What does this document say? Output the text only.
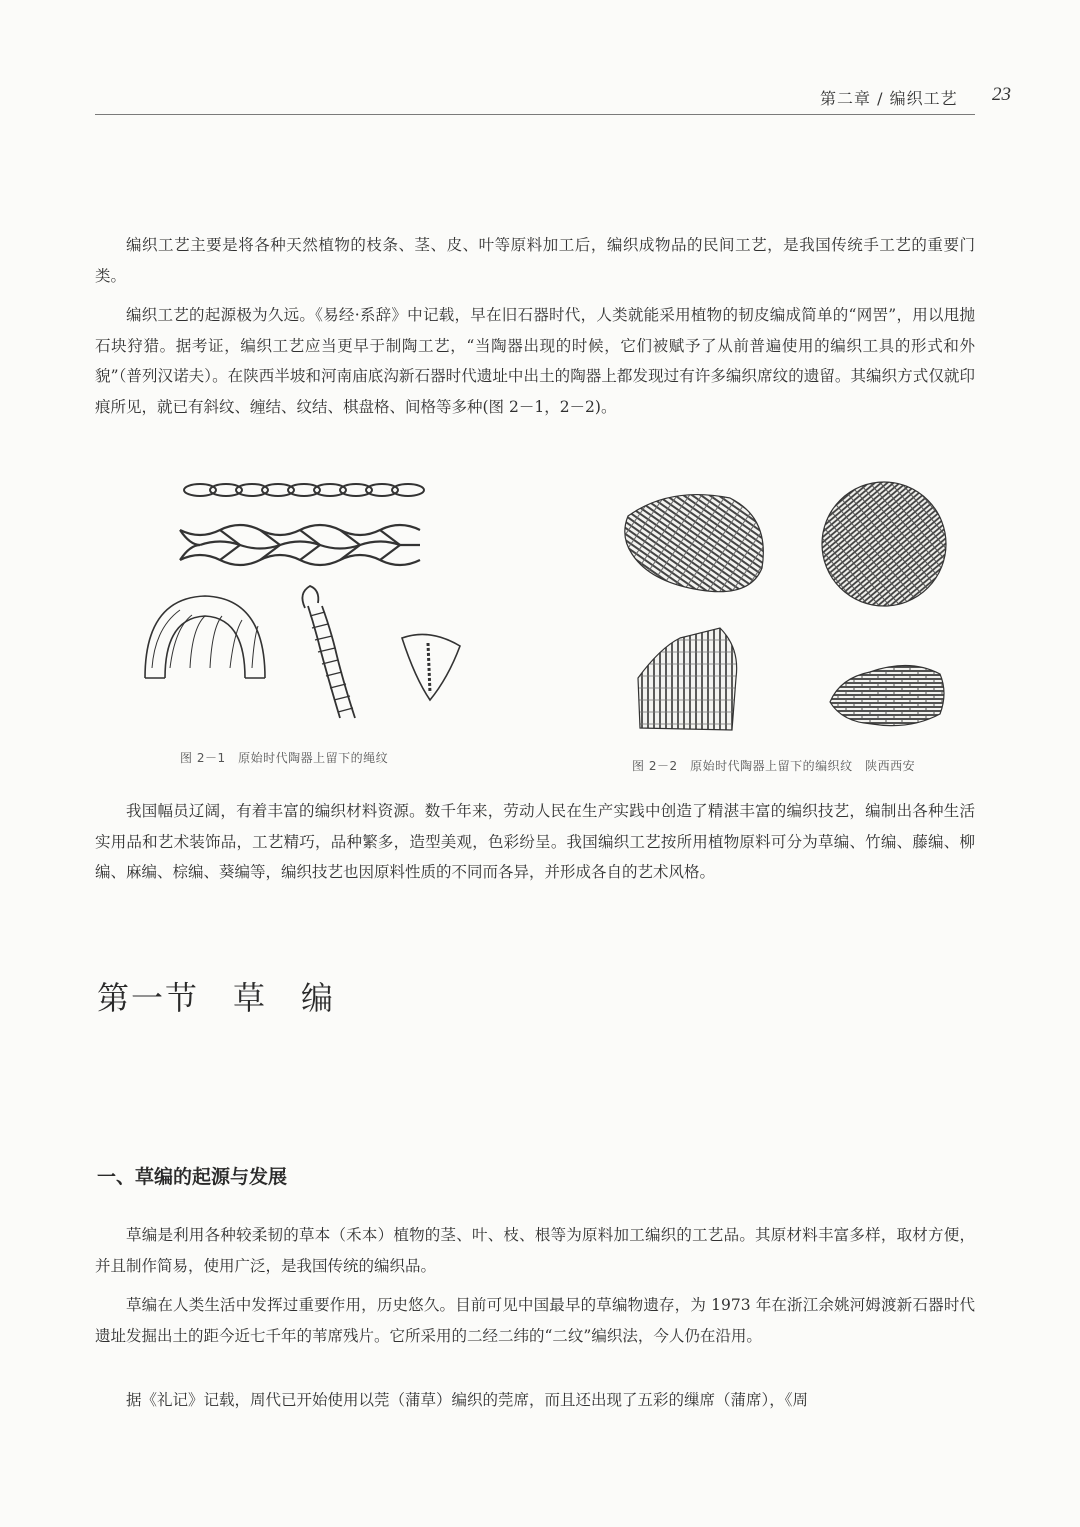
第二章 / 编织工艺 23

编织工艺主要是将各种天然植物的枝条、茎、皮、叶等原料加工后，编织成物品的民间工艺，是我国传统手工艺的重要门类。

编织工艺的起源极为久远。《易经·系辞》中记载，早在旧石器时代，人类就能采用植物的韧皮编成简单的“网罟”，用以甩抛石块狩猎。据考证，编织工艺应当更早于制陶工艺，“当陶器出现的时候，它们被赋予了从前普遍使用的编织工具的形式和外貌”（普列汉诺夫）。在陕西半坡和河南庙底沟新石器时代遗址中出土的陶器上都发现过有许多编织席纹的遗留。其编织方式仅就印痕所见，就已有斜纹、缠结、纹结、棋盘格、间格等多种(图 2－1，2－2)。

图 2－1　原始时代陶器上留下的绳纹
图 2－2　原始时代陶器上留下的编织纹　陕西西安

我国幅员辽阔，有着丰富的编织材料资源。数千年来，劳动人民在生产实践中创造了精湛丰富的编织技艺，编制出各种生活实用品和艺术装饰品，工艺精巧，品种繁多，造型美观，色彩纷呈。我国编织工艺按所用植物原料可分为草编、竹编、藤编、柳编、麻编、棕编、葵编等，编织技艺也因原料性质的不同而各异，并形成各自的艺术风格。

第一节　草　编
一、草编的起源与发展

草编是利用各种较柔韧的草本（禾本）植物的茎、叶、枝、根等为原料加工编织的工艺品。其原材料丰富多样，取材方便，并且制作简易，使用广泛，是我国传统的编织品。

草编在人类生活中发挥过重要作用，历史悠久。目前可见中国最早的草编物遗存，为 1973 年在浙江余姚河姆渡新石器时代遗址发掘出土的距今近七千年的苇席残片。它所采用的二经二纬的“二纹”编织法，今人仍在沿用。

据《礼记》记载，周代已开始使用以莞（蒲草）编织的莞席，而且还出现了五彩的缫席（蒲席），《周
